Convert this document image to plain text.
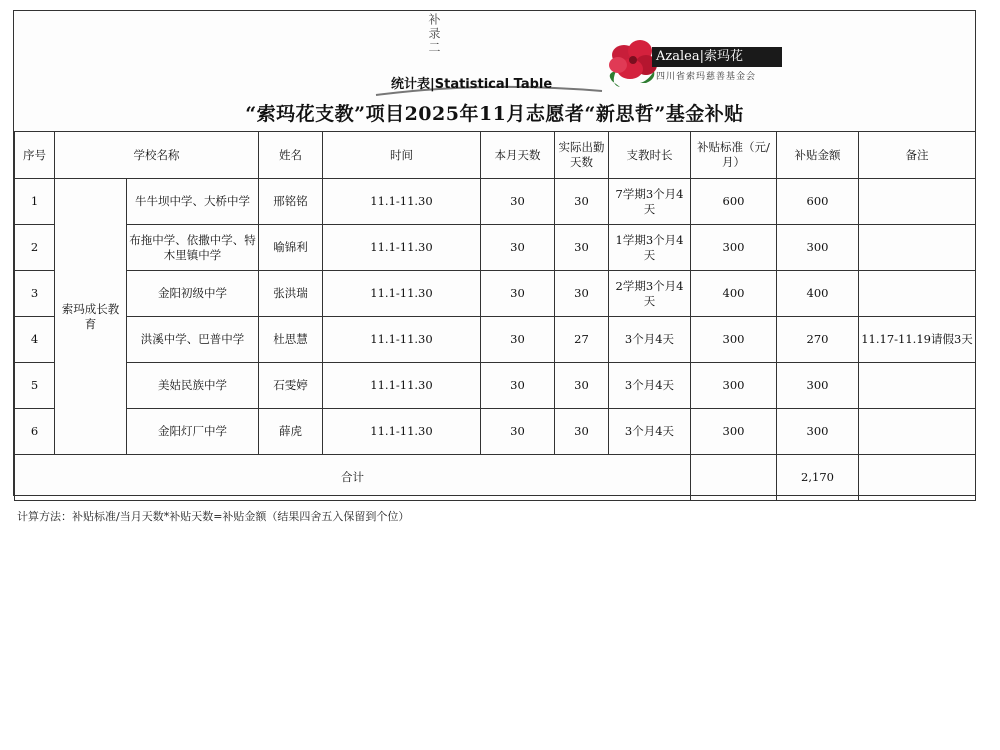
补录二
统计表|Statistical Table
Azalea|索玛花
四川省索玛慈善基金会
“索玛花支教”项目2025年11月志愿者“新思哲”基金补贴
序号	学校名称		姓名	时间	本月天数	实际出勤天数	支教时长	补贴标准（元/月）	补贴金额	备注
1	索玛成长教育	牛牛坝中学、大桥中学	邢铭铭	11.1-11.30	30	30	7学期3个月4天	600	600	
2		布拖中学、依撒中学、特木里镇中学	喻锦利	11.1-11.30	30	30	1学期3个月4天	300	300	
3		金阳初级中学	张洪瑞	11.1-11.30	30	30	2学期3个月4天	400	400	
4		洪溪中学、巴普中学	杜思慧	11.1-11.30	30	27	3个月4天	300	270	11.17-11.19请假3天
5		美姑民族中学	石雯婷	11.1-11.30	30	30	3个月4天	300	300	
6		金阳灯厂中学	薛虎	11.1-11.30	30	30	3个月4天	300	300	
合计									2,170	
计算方法：补贴标准/当月天数*补贴天数=补贴金额（结果四舍五入保留到个位）
